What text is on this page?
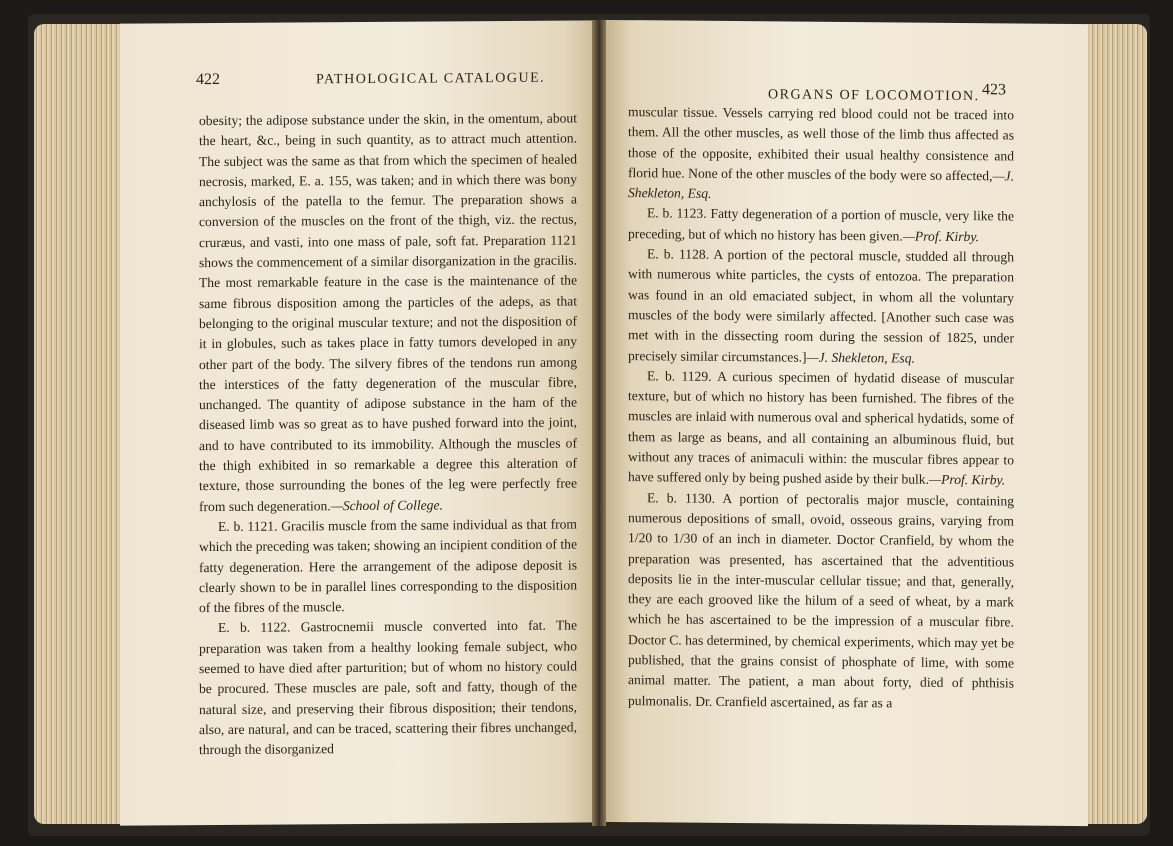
422	PATHOLOGICAL CATALOGUE.

obesity; the adipose substance under the skin, in the omentum, about the heart, &c., being in such quantity, as to attract much attention. The subject was the same as that from which the specimen of healed necrosis, marked, E. a. 155, was taken; and in which there was bony anchylosis of the patella to the femur. The preparation shows a conversion of the muscles on the front of the thigh, viz. the rectus, cruræus, and vasti, into one mass of pale, soft fat. Preparation 1121 shows the commencement of a similar disorganization in the gracilis. The most remarkable feature in the case is the maintenance of the same fibrous disposition among the particles of the adeps, as that belonging to the original muscular texture; and not the disposition of it in globules, such as takes place in fatty tumors developed in any other part of the body. The silvery fibres of the tendons run among the interstices of the fatty degeneration of the muscular fibre, unchanged. The quantity of adipose substance in the ham of the diseased limb was so great as to have pushed forward into the joint, and to have contributed to its immobility. Although the muscles of the thigh exhibited in so remarkable a degree this alteration of texture, those surrounding the bones of the leg were perfectly free from such degeneration.—School of College.

E. b. 1121. Gracilis muscle from the same individual as that from which the preceding was taken; showing an incipient condition of the fatty degeneration. Here the arrangement of the adipose deposit is clearly shown to be in parallel lines corresponding to the disposition of the fibres of the muscle.

E. b. 1122. Gastrocnemii muscle converted into fat. The preparation was taken from a healthy looking female subject, who seemed to have died after parturition; but of whom no history could be procured. These muscles are pale, soft and fatty, though of the natural size, and preserving their fibrous disposition; their tendons, also, are natural, and can be traced, scattering their fibres unchanged, through the disorganized

ORGANS OF LOCOMOTION. 423

muscular tissue. Vessels carrying red blood could not be traced into them. All the other muscles, as well those of the limb thus affected as those of the opposite, exhibited their usual healthy consistence and florid hue. None of the other muscles of the body were so affected,—J. Shekleton, Esq.

E. b. 1123. Fatty degeneration of a portion of muscle, very like the preceding, but of which no history has been given.—Prof. Kirby.

E. b. 1128. A portion of the pectoral muscle, studded all through with numerous white particles, the cysts of entozoa. The preparation was found in an old emaciated subject, in whom all the voluntary muscles of the body were similarly affected. [Another such case was met with in the dissecting room during the session of 1825, under precisely similar circumstances.]—J. Shekleton, Esq.

E. b. 1129. A curious specimen of hydatid disease of muscular texture, but of which no history has been furnished. The fibres of the muscles are inlaid with numerous oval and spherical hydatids, some of them as large as beans, and all containing an albuminous fluid, but without any traces of animaculi within: the muscular fibres appear to have suffered only by being pushed aside by their bulk.—Prof. Kirby.

E. b. 1130. A portion of pectoralis major muscle, containing numerous depositions of small, ovoid, osseous grains, varying from 1/20 to 1/30 of an inch in diameter. Doctor Cranfield, by whom the preparation was presented, has ascertained that the adventitious deposits lie in the inter-muscular cellular tissue; and that, generally, they are each grooved like the hilum of a seed of wheat, by a mark which he has ascertained to be the impression of a muscular fibre. Doctor C. has determined, by chemical experiments, which may yet be published, that the grains consist of phosphate of lime, with some animal matter. The patient, a man about forty, died of phthisis pulmonalis. Dr. Cranfield ascertained, as far as a
